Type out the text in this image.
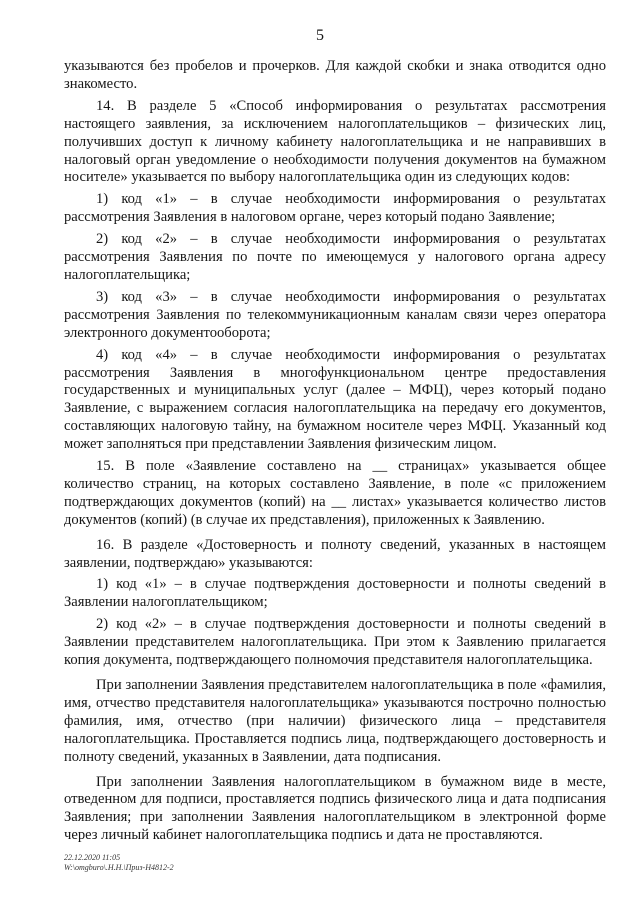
5

указываются без пробелов и прочерков. Для каждой скобки и знака отводится одно знакоместо.

14. В разделе 5 «Способ информирования о результатах рассмотрения настоящего заявления, за исключением налогоплательщиков – физических лиц, получивших доступ к личному кабинету налогоплательщика и не направивших в налоговый орган уведомление о необходимости получения документов на бумажном носителе» указывается по выбору налогоплательщика один из следующих кодов:

1) код «1» – в случае необходимости информирования о результатах рассмотрения Заявления в налоговом органе, через который подано Заявление;

2) код «2» – в случае необходимости информирования о результатах рассмотрения Заявления по почте по имеющемуся у налогового органа адресу налогоплательщика;

3) код «3» – в случае необходимости информирования о результатах рассмотрения Заявления по телекоммуникационным каналам связи через оператора электронного документооборота;

4) код «4» – в случае необходимости информирования о результатах рассмотрения Заявления в многофункциональном центре предоставления государственных и муниципальных услуг (далее – МФЦ), через который подано Заявление, с выражением согласия налогоплательщика на передачу его документов, составляющих налоговую тайну, на бумажном носителе через МФЦ. Указанный код может заполняться при представлении Заявления физическим лицом.

15. В поле «Заявление составлено на __ страницах» указывается общее количество страниц, на которых составлено Заявление, в поле «с приложением подтверждающих документов (копий) на __ листах» указывается количество листов документов (копий) (в случае их представления), приложенных к Заявлению.

16. В разделе «Достоверность и полноту сведений, указанных в настоящем заявлении, подтверждаю» указываются:

1) код «1» – в случае подтверждения достоверности и полноты сведений в Заявлении налогоплательщиком;

2) код «2» – в случае подтверждения достоверности и полноты сведений в Заявлении представителем налогоплательщика. При этом к Заявлению прилагается копия документа, подтверждающего полномочия представителя налогоплательщика.

При заполнении Заявления представителем налогоплательщика в поле «фамилия, имя, отчество представителя налогоплательщика» указываются построчно полностью фамилия, имя, отчество (при наличии) физического лица – представителя налогоплательщика. Проставляется подпись лица, подтверждающего достоверность и полноту сведений, указанных в Заявлении, дата подписания.

При заполнении Заявления налогоплательщиком в бумажном виде в месте, отведенном для подписи, проставляется подпись физического лица и дата подписания Заявления; при заполнении Заявления налогоплательщиком в электронной форме через личный кабинет налогоплательщика подпись и дата не проставляются.

22.12.2020 11:05
W:\omgburo\.Н.Н.\Приз-Н4812-2
